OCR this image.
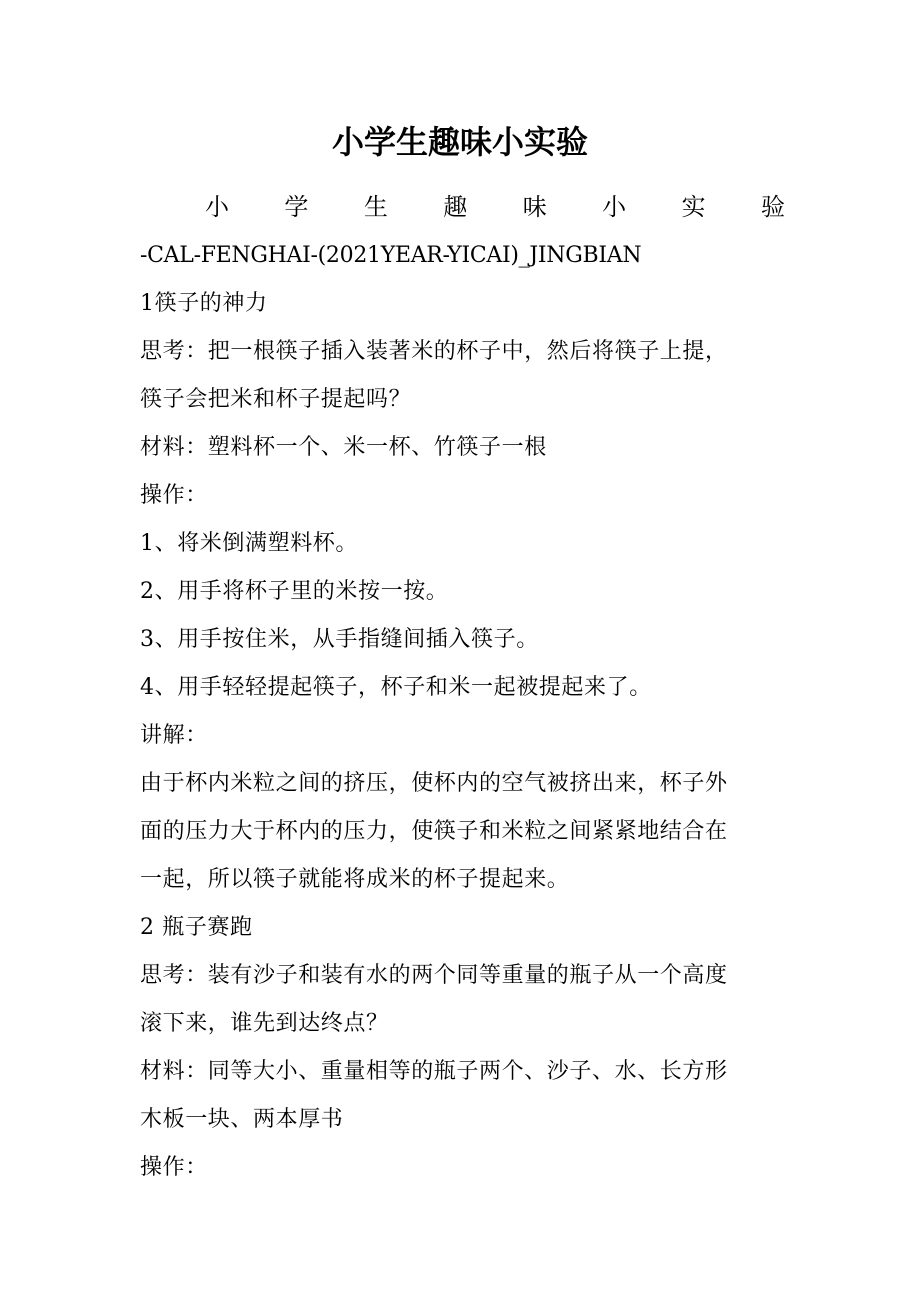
小学生趣味小实验
小 学 生 趣 味 小 实 验

-CAL-FENGHAI-(2021YEAR-YICAI)_JINGBIAN

1筷子的神力

思考：把一根筷子插入装著米的杯子中，然后将筷子上提，

筷子会把米和杯子提起吗？

材料：塑料杯一个、米一杯、竹筷子一根

操作：

1、将米倒满塑料杯。

2、用手将杯子里的米按一按。

3、用手按住米，从手指缝间插入筷子。

4、用手轻轻提起筷子，杯子和米一起被提起来了。

讲解：

由于杯内米粒之间的挤压，使杯内的空气被挤出来，杯子外

面的压力大于杯内的压力，使筷子和米粒之间紧紧地结合在

一起，所以筷子就能将成米的杯子提起来。

2 瓶子赛跑

思考：装有沙子和装有水的两个同等重量的瓶子从一个高度

滚下来，谁先到达终点？

材料：同等大小、重量相等的瓶子两个、沙子、水、长方形

木板一块、两本厚书

操作：
